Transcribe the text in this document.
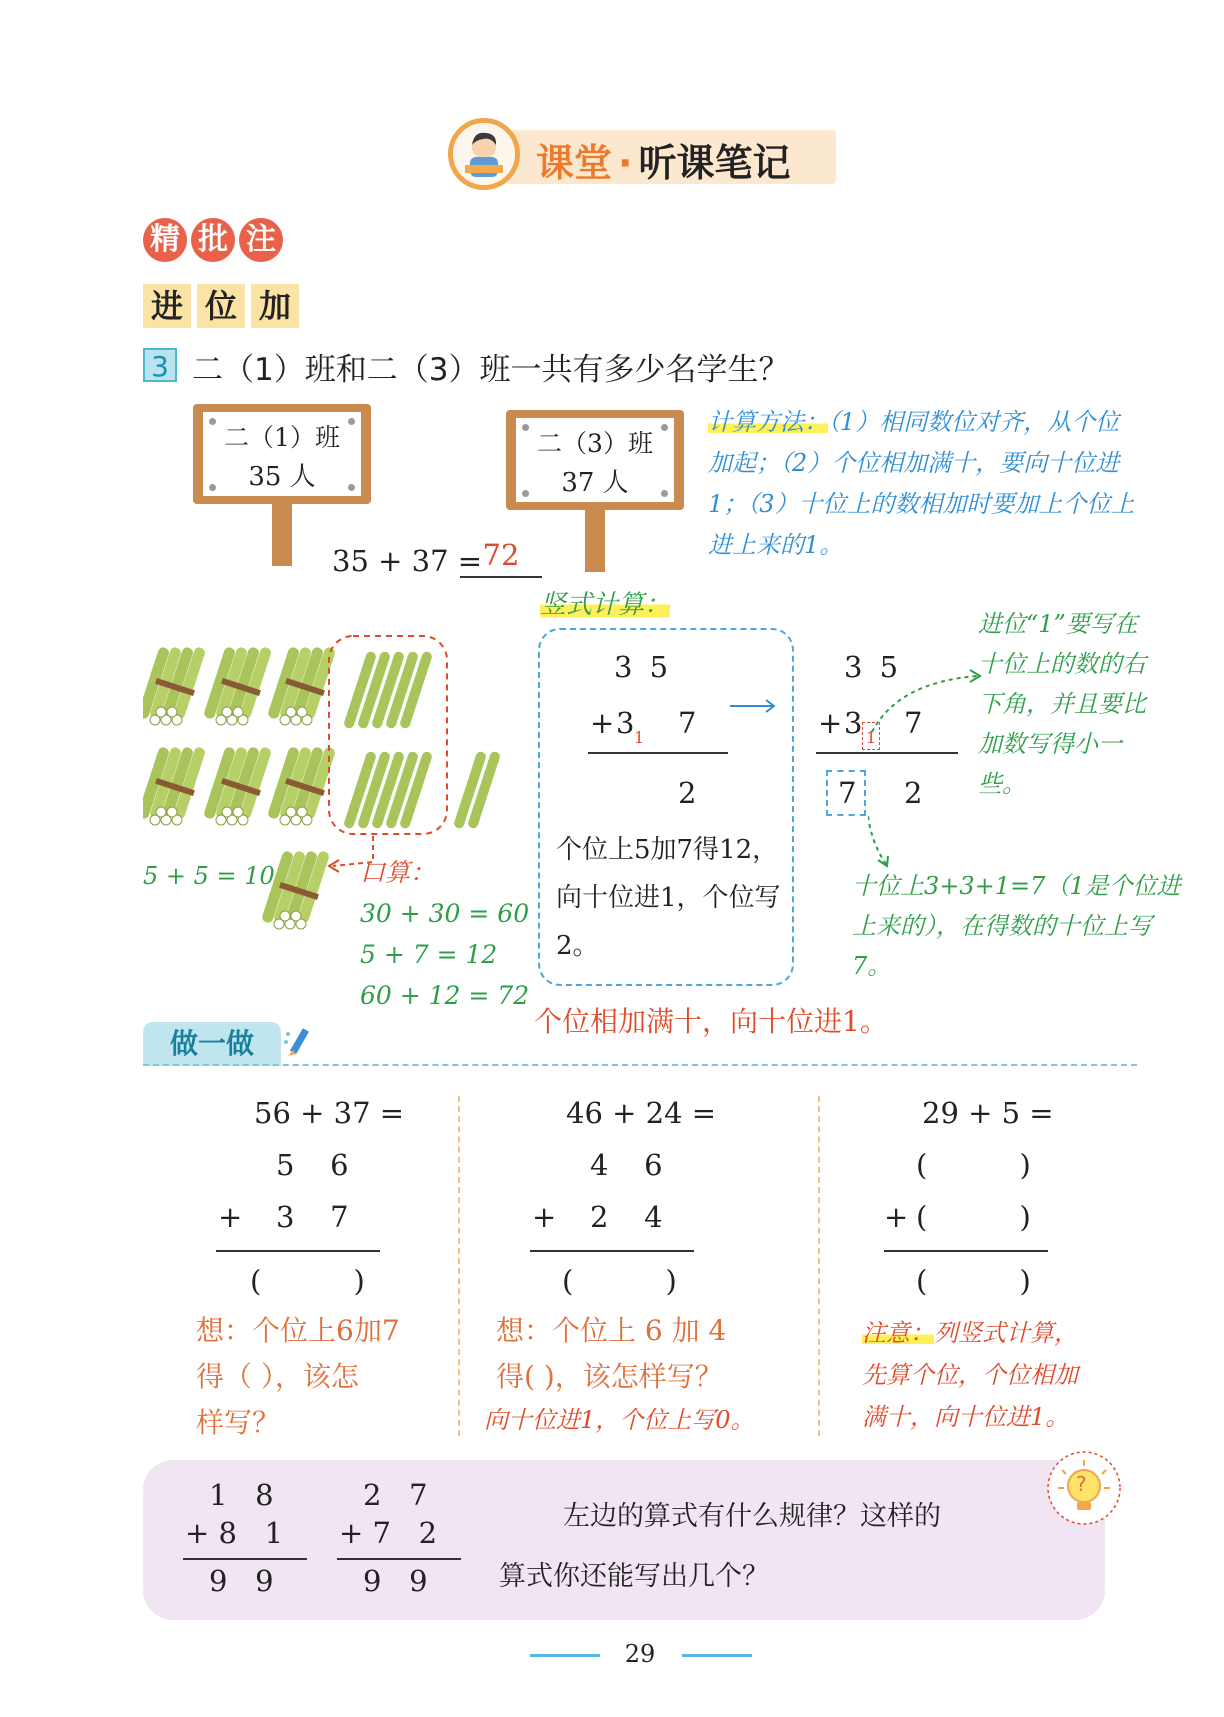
课堂 · 听课笔记
精 批 注
进 位 加
3 二（1）班和二（3）班一共有多少名学生？
二（1）班
35 人
二（3）班
37 人
35 + 37 = 72
计算方法：（1）相同数位对齐，从个位加起；（2）个位相加满十，要向十位进1；（3）十位上的数相加时要加上个位上进上来的1。
5 + 5 = 10	口算：
30 + 30 = 60
5 + 7 = 12
60 + 12 = 72
竖式计算：
3 5
+ 3 1 7
2
个位上5加7得12，向十位进1，个位写 2。
3 5
+ 3 1 7
7 2
进位“1”要写在十位上的数的右下角，并且要比加数写得小一些。
十位上3+3+1=7（1是个位进上来的），在得数的十位上写7。
个位相加满十，向十位进1。
做一做
56 + 37 =
5   6
+ 3   7
(          )
想：个位上6加7
得（ ），该怎
样写？
46 + 24 =
4   6
+ 2   4
(          )
想：个位上 6 加 4
得( )，该怎样写？
向十位进1，个位上写0。
29 + 5 =
(          )
+ (          )
(          )
注意：列竖式计算，
先算个位，个位相加
满十，向十位进1。
1   8
+ 8   1
9   9
2   7
+ 7   2
9   9
左边的算式有什么规律？这样的
算式你还能写出几个？
?
29
